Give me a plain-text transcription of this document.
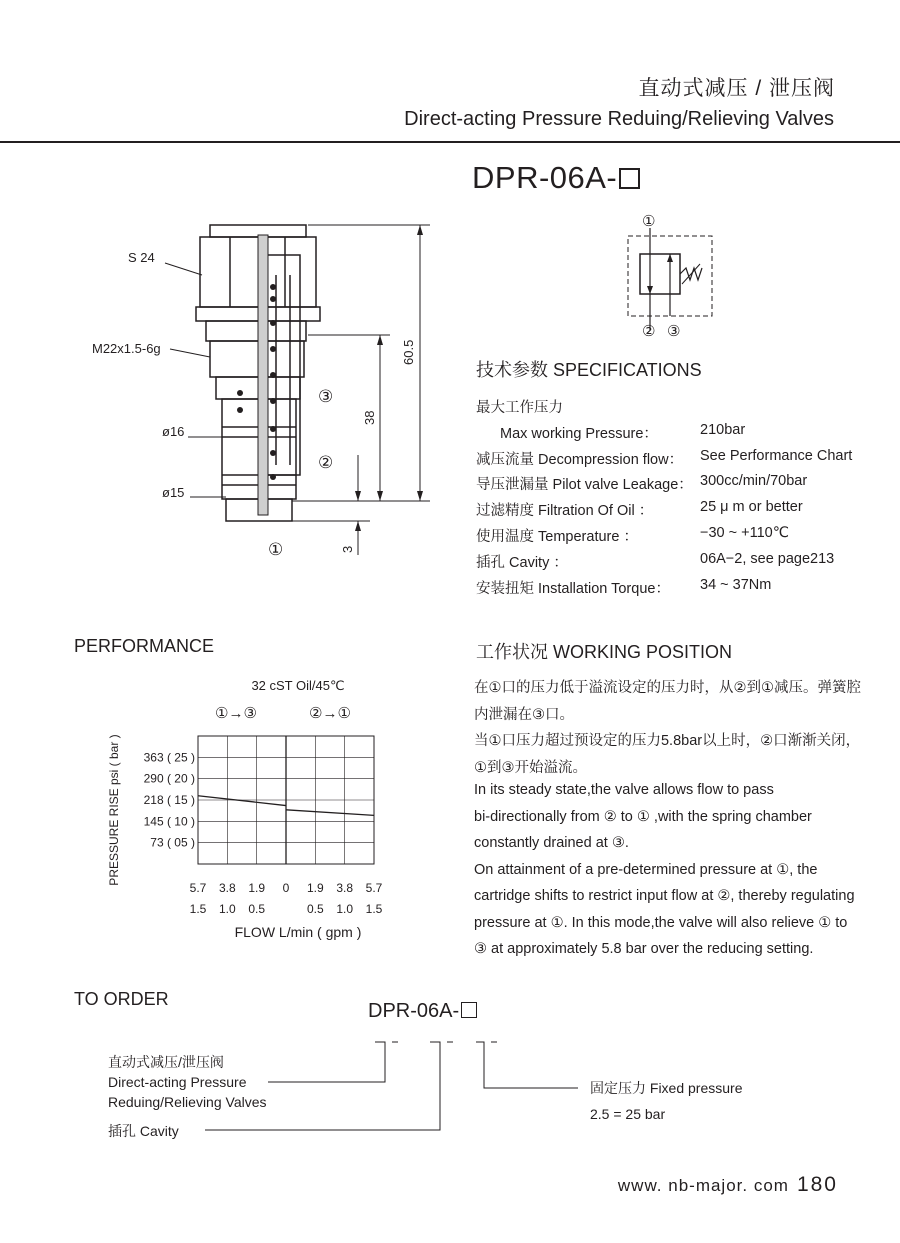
直动式减压 / 泄压阀
Direct-acting Pressure Reduing/Relieving Valves
DPR-06A-
S 24
M22x1.5-6g
ø16
ø15
③
②
①
60.5
38
3
①
② ③
技术参数 SPECIFICATIONS
最大工作压力
Max working Pressure：	210bar
减压流量 Decompression flow： See Performance Chart
导压泄漏量 Pilot valve Leakage： 300cc/min/70bar
过滤精度 Filtration Of Oil ：	25 μ m or better
使用温度 Temperature ：	−30 ~ +110℃
插孔 Cavity ：	06A−2, see page213
安装扭矩 Installation Torque： 34 ~ 37Nm
PERFORMANCE
5.7
1.5
3.8
1.0
1.9
0.5
0 1.9
0.5
3.8
1.0
5.7
1.5
363 ( 25 )
290 ( 20 )
218 ( 15 )
145 ( 10 )
73 ( 05 )
32 cST Oil/45℃
①→③	②→①
FLOW L/min ( gpm )
PRESSURE RISE psi ( bar )
工作状况 WORKING POSITION
在①口的压力低于溢流设定的压力时，从②到①减压。弹簧腔
内泄漏在③口。
当①口压力超过预设定的压力5.8bar以上时，②口渐渐关闭，
①到③开始溢流。
In its steady state,the valve allows flow to pass
bi-directionally from ② to ① ,with the spring chamber
constantly drained at ③.
On attainment of a pre-determined pressure at ①, the
cartridge shifts to restrict input flow at ②, thereby regulating
pressure at ①. In this mode,the valve will also relieve ① to
③ at approximately 5.8 bar over the reducing setting.
TO ORDER
DPR-06A-
直动式减压/泄压阀
Direct-acting Pressure
Reduing/Relieving Valves
插孔 Cavity
固定压力 Fixed pressure
2.5 = 25 bar
www. nb-major. com 180
